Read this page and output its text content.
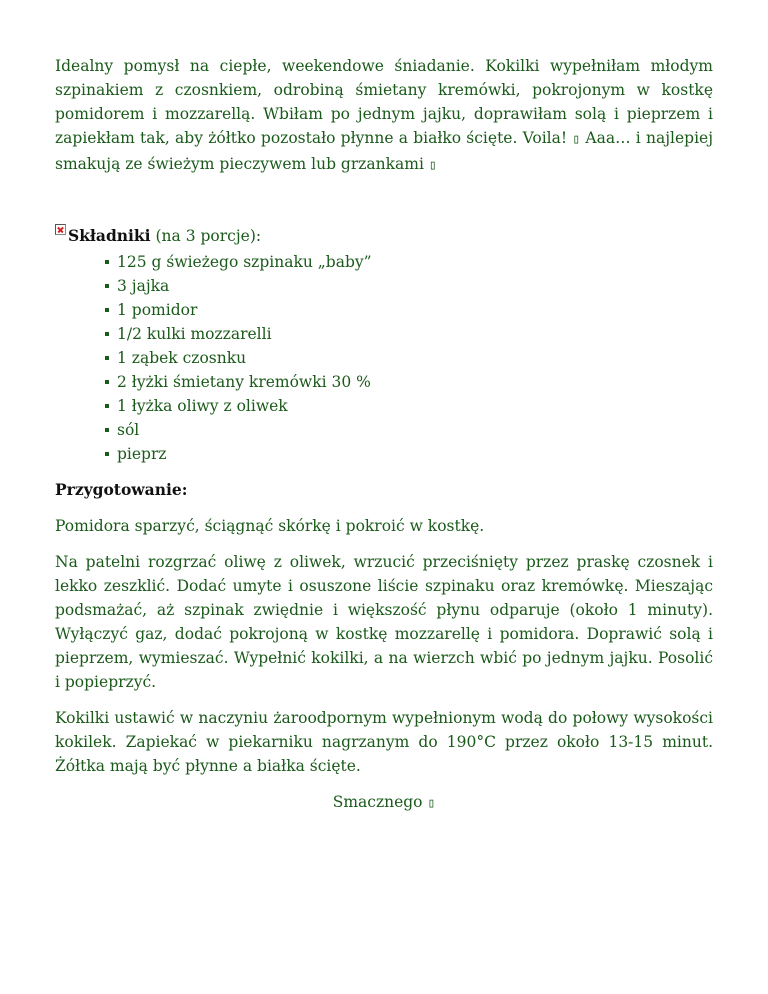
Idealny pomysł na ciepłe, weekendowe śniadanie. Kokilki wypełniłam młodym szpinakiem z czosnkiem, odrobiną śmietany kremówki, pokrojonym w kostkę pomidorem i mozzarellą. Wbiłam po jednym jajku, doprawiłam solą i pieprzem i zapiekłam tak, aby żółtko pozostało płynne a białko ścięte. Voila! ▯ Aaa… i najlepiej smakują ze świeżym pieczywem lub grzankami ▯

Składniki (na 3 porcje):
125 g świeżego szpinaku „baby”
3 jajka
1 pomidor
1/2 kulki mozzarelli
1 ząbek czosnku
2 łyżki śmietany kremówki 30 %
1 łyżka oliwy z oliwek
sól
pieprz

Przygotowanie:

Pomidora sparzyć, ściągnąć skórkę i pokroić w kostkę.

Na patelni rozgrzać oliwę z oliwek, wrzucić przeciśnięty przez praskę czosnek i lekko zeszklić. Dodać umyte i osuszone liście szpinaku oraz kremówkę. Mieszając podsmażać, aż szpinak zwiędnie i większość płynu odparuje (około 1 minuty). Wyłączyć gaz, dodać pokrojoną w kostkę mozzarellę i pomidora. Doprawić solą i pieprzem, wymieszać. Wypełnić kokilki, a na wierzch wbić po jednym jajku. Posolić i popieprzyć.

Kokilki ustawić w naczyniu żaroodpornym wypełnionym wodą do połowy wysokości kokilek. Zapiekać w piekarniku nagrzanym do 190°C przez około 13-15 minut. Żółtka mają być płynne a białka ścięte.

Smacznego ▯
